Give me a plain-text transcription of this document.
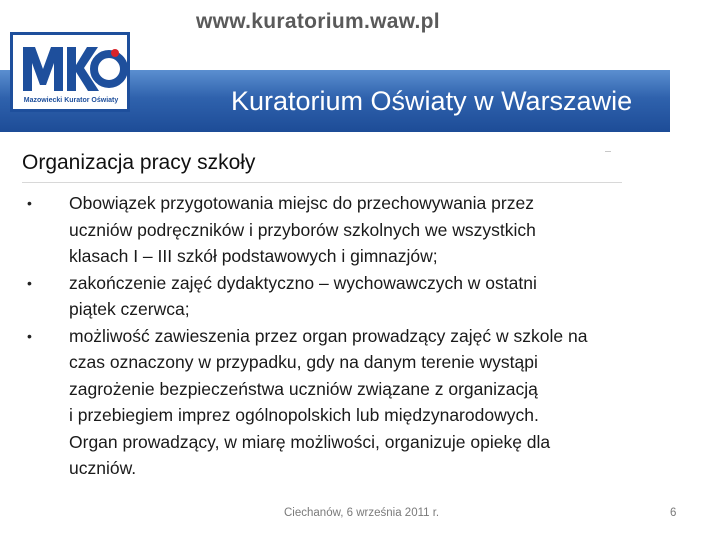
www.kuratorium.waw.pl
Kuratorium Oświaty w Warszawie
Mazowiecki Kurator Oświaty
Organizacja pracy szkoły
• Obowiązek przygotowania miejsc do przechowywania przez
uczniów podręczników i przyborów szkolnych we wszystkich
klasach I – III szkół podstawowych i gimnazjów;
• zakończenie zajęć dydaktyczno – wychowawczych w ostatni
piątek czerwca;
• możliwość zawieszenia przez organ prowadzący zajęć w szkole na
czas oznaczony w przypadku, gdy na danym terenie wystąpi
zagrożenie bezpieczeństwa uczniów związane z organizacją
i przebiegiem imprez ogólnopolskich lub międzynarodowych.
Organ prowadzący, w miarę możliwości, organizuje opiekę dla
uczniów.
Ciechanów, 6 września 2011 r.	6
